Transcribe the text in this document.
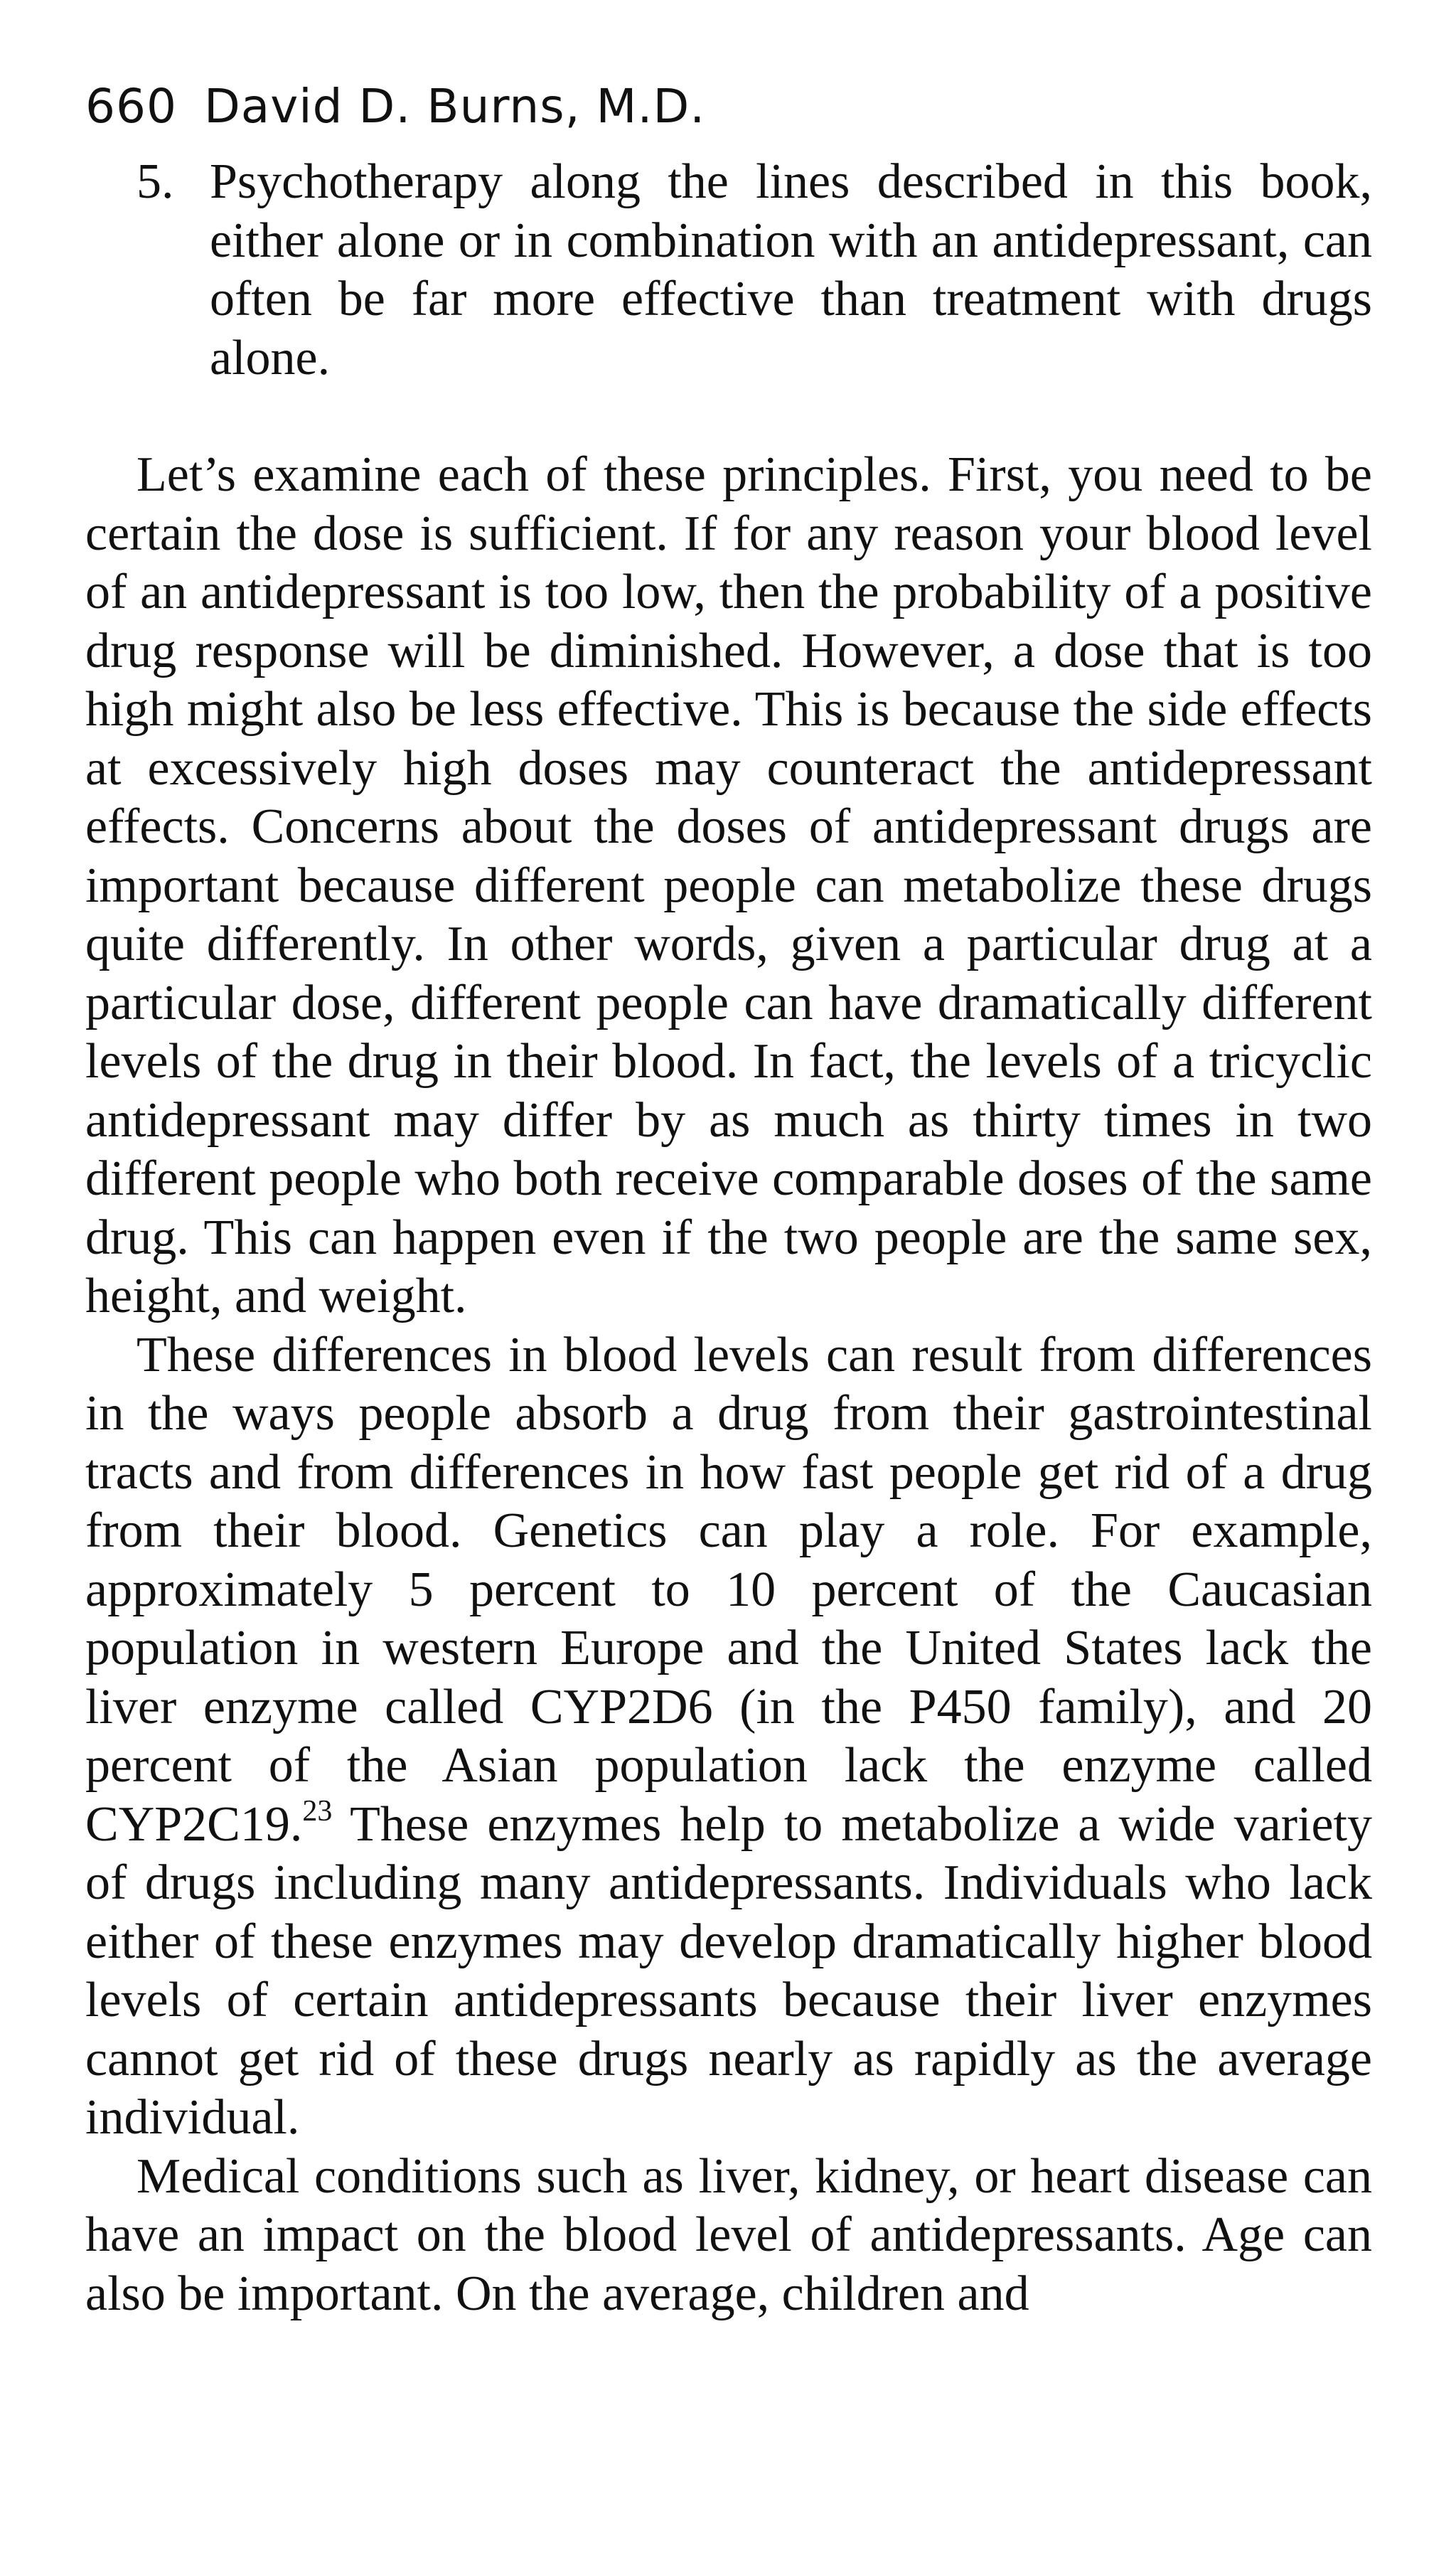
660 David D. Burns, M.D.
5. Psychotherapy along the lines described in this book, either alone or in combination with an antidepressant, can often be far more effective than treatment with drugs alone.

Let’s examine each of these principles. First, you need to be certain the dose is sufficient. If for any reason your blood level of an antidepressant is too low, then the probability of a positive drug response will be diminished. However, a dose that is too high might also be less effective. This is because the side effects at excessively high doses may counteract the antidepressant effects. Concerns about the doses of antidepressant drugs are important because different people can metabolize these drugs quite differently. In other words, given a particular drug at a particular dose, different people can have dramatically different levels of the drug in their blood. In fact, the levels of a tricyclic antidepressant may differ by as much as thirty times in two different people who both receive comparable doses of the same drug. This can happen even if the two people are the same sex, height, and weight.

These differences in blood levels can result from differences in the ways people absorb a drug from their gastrointestinal tracts and from differences in how fast people get rid of a drug from their blood. Genetics can play a role. For example, approximately 5 percent to 10 percent of the Caucasian population in western Europe and the United States lack the liver enzyme called CYP2D6 (in the P450 family), and 20 percent of the Asian population lack the enzyme called CYP2C19.23 These enzymes help to metabolize a wide variety of drugs including many antidepressants. Individuals who lack either of these enzymes may develop dramatically higher blood levels of certain antidepressants because their liver enzymes cannot get rid of these drugs nearly as rapidly as the average individual.

Medical conditions such as liver, kidney, or heart disease can have an impact on the blood level of antidepressants. Age can also be important. On the average, children and
